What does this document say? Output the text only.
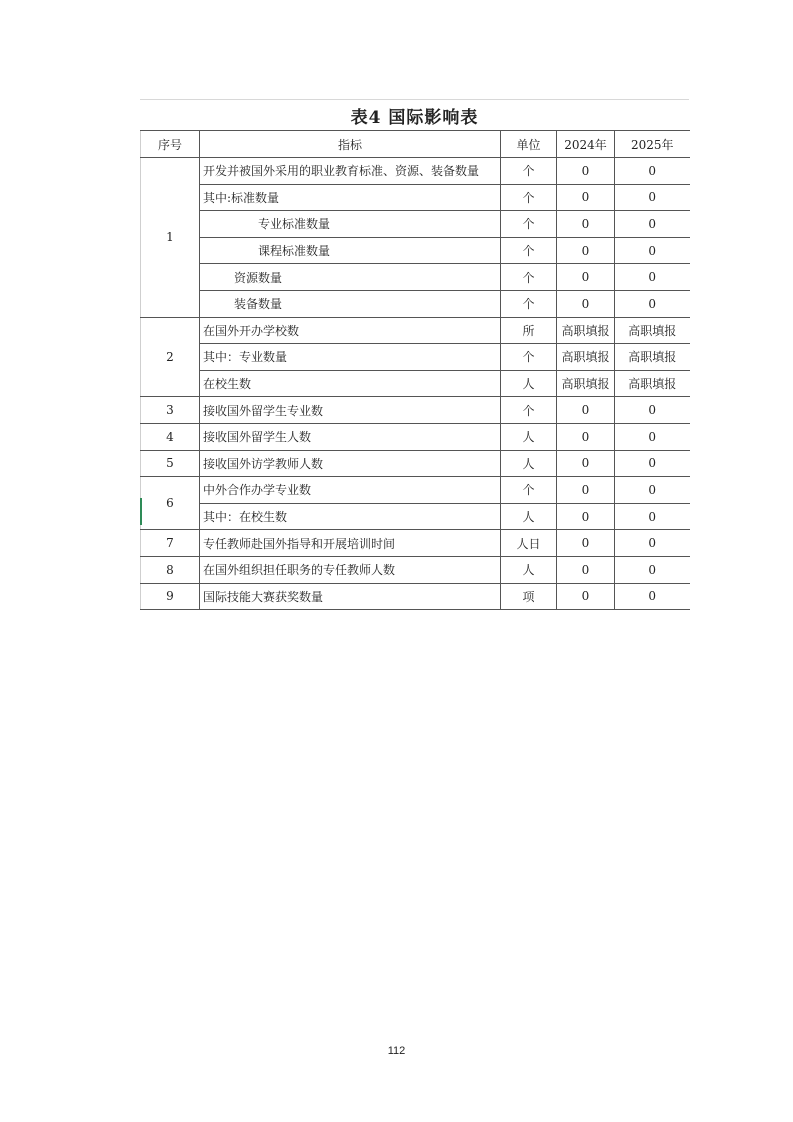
表4 国际影响表
序号	指标	单位	2024年	2025年
1	开发并被国外采用的职业教育标准、资源、装备数量	个	0	0
	其中:标准数量	个	0	0
	专业标准数量	个	0	0
	课程标准数量	个	0	0
	资源数量	个	0	0
	装备数量	个	0	0
2	在国外开办学校数	所	高职填报	高职填报
	其中：专业数量	个	高职填报	高职填报
	在校生数	人	高职填报	高职填报
3	接收国外留学生专业数	个	0	0
4	接收国外留学生人数	人	0	0
5	接收国外访学教师人数	人	0	0
6	中外合作办学专业数	个	0	0
	其中：在校生数	人	0	0
7	专任教师赴国外指导和开展培训时间	人日	0	0
8	在国外组织担任职务的专任教师人数	人	0	0
9	国际技能大赛获奖数量	项	0	0
112
